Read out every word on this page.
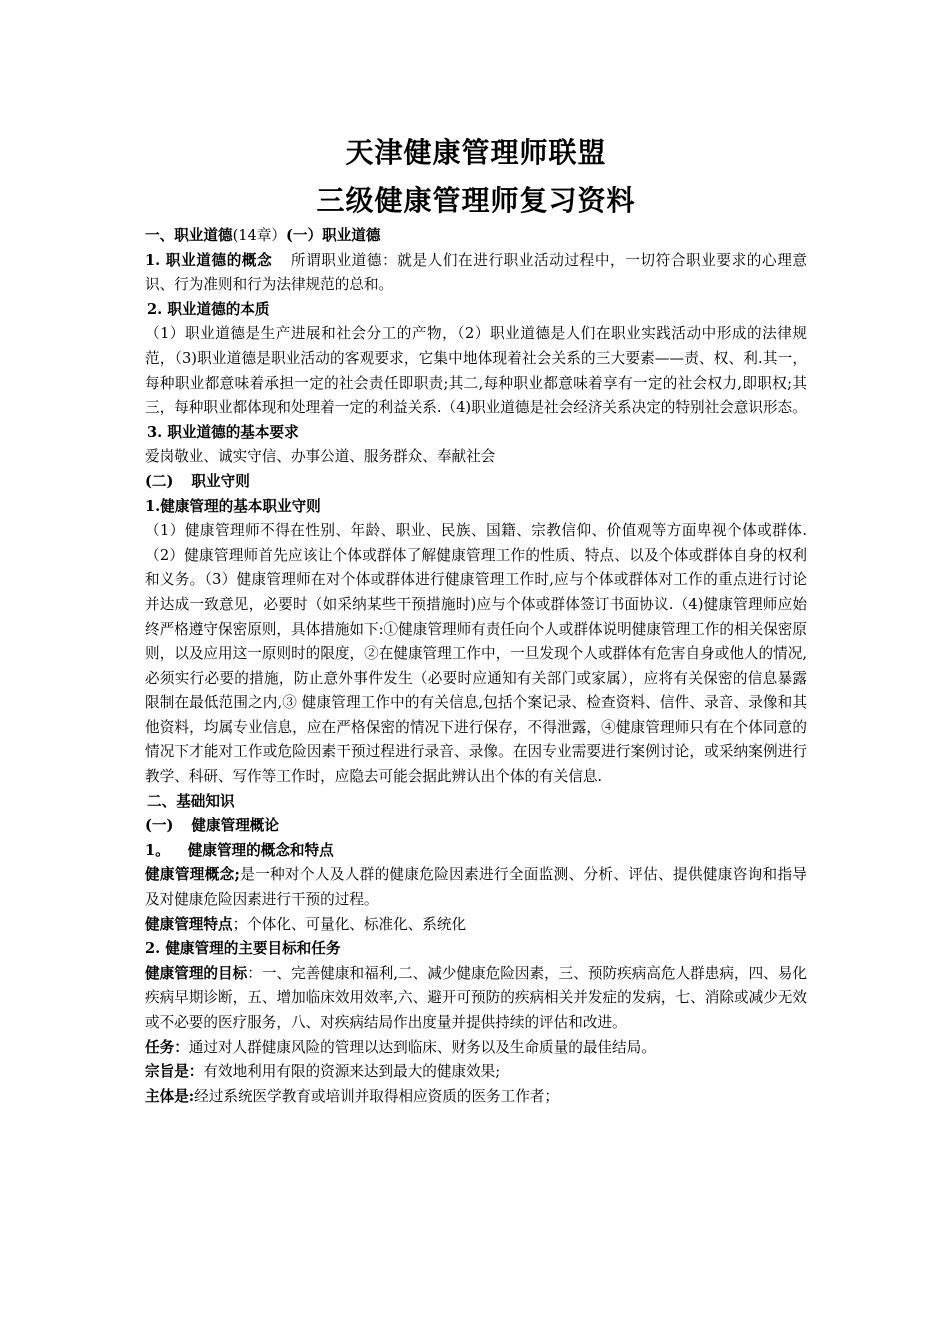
天津健康管理师联盟
三级健康管理师复习资料

一、职业道德(14章）(一）职业道德

1. 职业道德的概念 所谓职业道德：就是人们在进行职业活动过程中，一切符合职业要求的心理意识、行为准则和行为法律规范的总和。

2. 职业道德的本质

（1）职业道德是生产进展和社会分工的产物，（2）职业道德是人们在职业实践活动中形成的法律规范，（3)职业道德是职业活动的客观要求，它集中地体现着社会关系的三大要素——责、权、利.其一，每种职业都意味着承担一定的社会责任即职责;其二,每种职业都意味着享有一定的社会权力,即职权;其三，每种职业都体现和处理着一定的利益关系.（4)职业道德是社会经济关系决定的特别社会意识形态。

3. 职业道德的基本要求

爱岗敬业、诚实守信、办事公道、服务群众、奉献社会

(二) 职业守则

1.健康管理的基本职业守则

（1）健康管理师不得在性别、年龄、职业、民族、国籍、宗教信仰、价值观等方面卑视个体或群体.（2）健康管理师首先应该让个体或群体了解健康管理工作的性质、特点、以及个体或群体自身的权利和义务。（3）健康管理师在对个体或群体进行健康管理工作时,应与个体或群体对工作的重点进行讨论并达成一致意见，必要时（如采纳某些干预措施时)应与个体或群体签订书面协议.（4)健康管理师应始终严格遵守保密原则，具体措施如下:①健康管理师有责任向个人或群体说明健康管理工作的相关保密原则，以及应用这一原则时的限度，②在健康管理工作中，一旦发现个人或群体有危害自身或他人的情况,必须实行必要的措施，防止意外事件发生（必要时应通知有关部门或家属），应将有关保密的信息暴露限制在最低范围之内,③ 健康管理工作中的有关信息,包括个案记录、检查资料、信件、录音、录像和其他资料，均属专业信息，应在严格保密的情况下进行保存，不得泄露，④健康管理师只有在个体同意的情况下才能对工作或危险因素干预过程进行录音、录像。在因专业需要进行案例讨论，或采纳案例进行教学、科研、写作等工作时，应隐去可能会据此辨认出个体的有关信息.

二、基础知识

(一) 健康管理概论

1。 健康管理的概念和特点

健康管理概念;是一种对个人及人群的健康危险因素进行全面监测、分析、评估、提供健康咨询和指导及对健康危险因素进行干预的过程。

健康管理特点；个体化、可量化、标准化、系统化

2. 健康管理的主要目标和任务

健康管理的目标：一、完善健康和福利,二、减少健康危险因素，三、预防疾病高危人群患病，四、易化疾病早期诊断，五、增加临床效用效率,六、避开可预防的疾病相关并发症的发病，七、消除或减少无效或不必要的医疗服务，八、对疾病结局作出度量并提供持续的评估和改进。

任务：通过对人群健康风险的管理以达到临床、财务以及生命质量的最佳结局。

宗旨是：有效地利用有限的资源来达到最大的健康效果;

主体是:经过系统医学教育或培训并取得相应资质的医务工作者；
